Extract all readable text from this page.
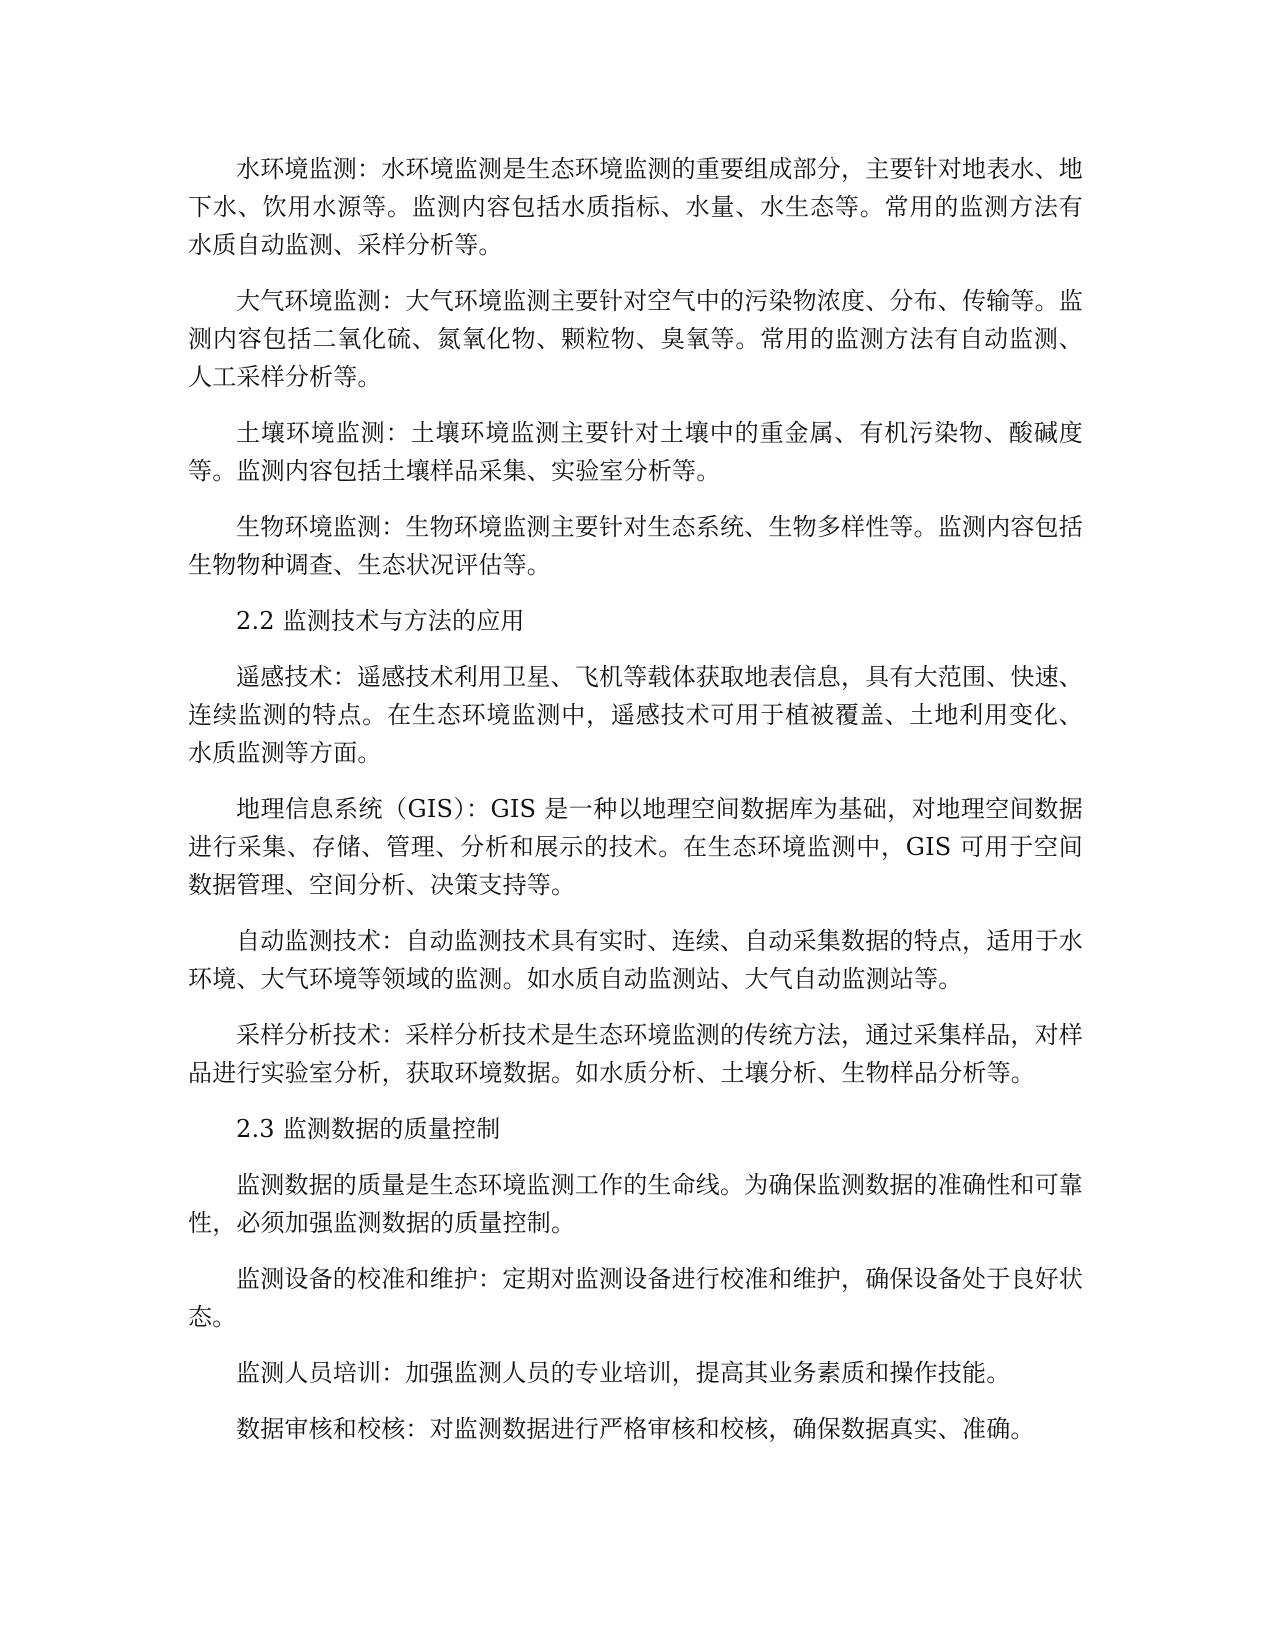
水环境监测：水环境监测是生态环境监测的重要组成部分，主要针对地表水、地下水、饮用水源等。监测内容包括水质指标、水量、水生态等。常用的监测方法有水质自动监测、采样分析等。

大气环境监测：大气环境监测主要针对空气中的污染物浓度、分布、传输等。监测内容包括二氧化硫、氮氧化物、颗粒物、臭氧等。常用的监测方法有自动监测、人工采样分析等。

土壤环境监测：土壤环境监测主要针对土壤中的重金属、有机污染物、酸碱度等。监测内容包括土壤样品采集、实验室分析等。

生物环境监测：生物环境监测主要针对生态系统、生物多样性等。监测内容包括生物物种调查、生态状况评估等。

2.2 监测技术与方法的应用

遥感技术：遥感技术利用卫星、飞机等载体获取地表信息，具有大范围、快速、连续监测的特点。在生态环境监测中，遥感技术可用于植被覆盖、土地利用变化、水质监测等方面。

地理信息系统（GIS）：GIS 是一种以地理空间数据库为基础，对地理空间数据进行采集、存储、管理、分析和展示的技术。在生态环境监测中，GIS 可用于空间数据管理、空间分析、决策支持等。

自动监测技术：自动监测技术具有实时、连续、自动采集数据的特点，适用于水环境、大气环境等领域的监测。如水质自动监测站、大气自动监测站等。

采样分析技术：采样分析技术是生态环境监测的传统方法，通过采集样品，对样品进行实验室分析，获取环境数据。如水质分析、土壤分析、生物样品分析等。

2.3 监测数据的质量控制

监测数据的质量是生态环境监测工作的生命线。为确保监测数据的准确性和可靠性，必须加强监测数据的质量控制。

监测设备的校准和维护：定期对监测设备进行校准和维护，确保设备处于良好状态。

监测人员培训：加强监测人员的专业培训，提高其业务素质和操作技能。

数据审核和校核：对监测数据进行严格审核和校核，确保数据真实、准确。
